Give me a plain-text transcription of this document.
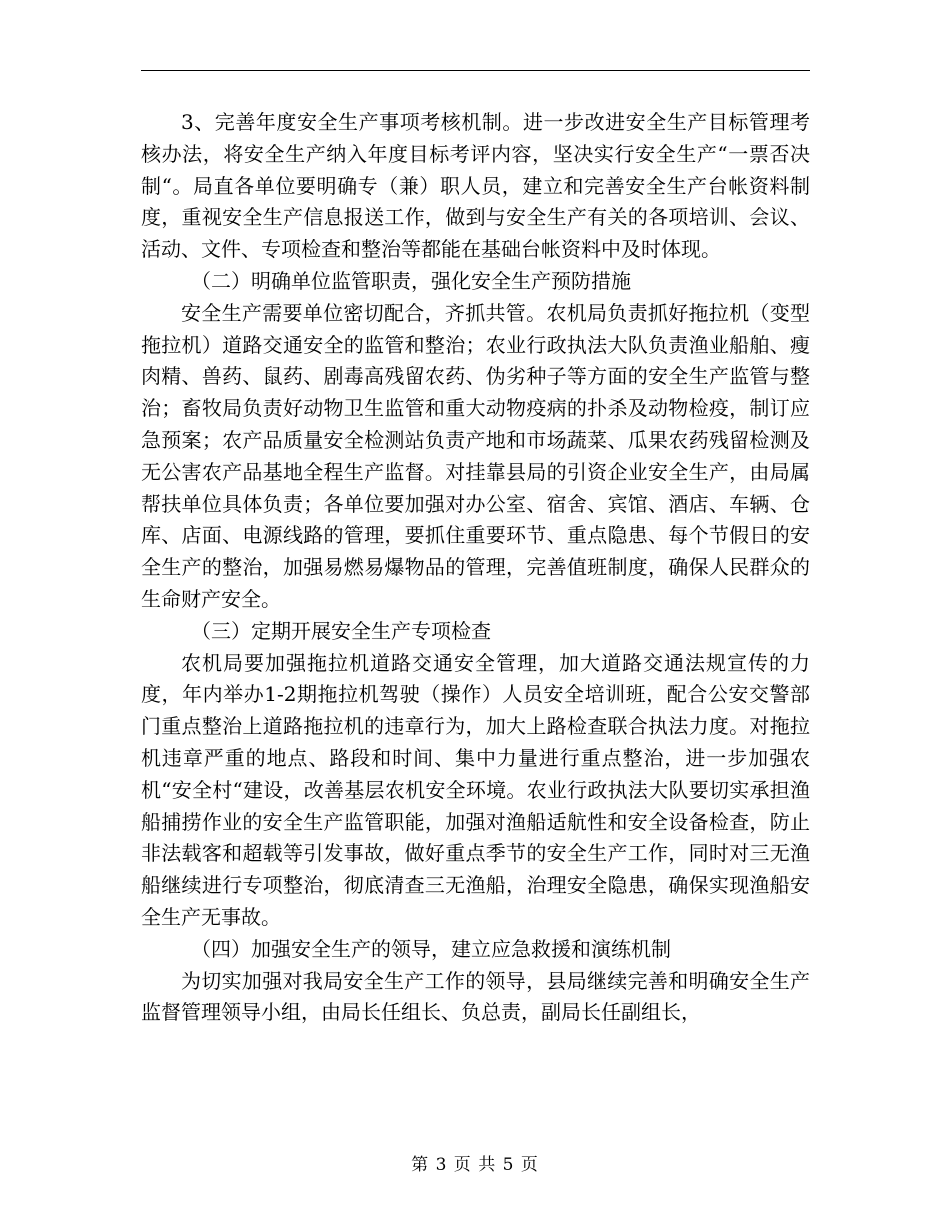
3、完善年度安全生产事项考核机制。进一步改进安全生产目标管理考核办法，将安全生产纳入年度目标考评内容，坚决实行安全生产“一票否决制“。局直各单位要明确专（兼）职人员，建立和完善安全生产台帐资料制度，重视安全生产信息报送工作，做到与安全生产有关的各项培训、会议、活动、文件、专项检查和整治等都能在基础台帐资料中及时体现。

（二）明确单位监管职责，强化安全生产预防措施

安全生产需要单位密切配合，齐抓共管。农机局负责抓好拖拉机（变型拖拉机）道路交通安全的监管和整治；农业行政执法大队负责渔业船舶、瘦肉精、兽药、鼠药、剧毒高残留农药、伪劣种子等方面的安全生产监管与整治；畜牧局负责好动物卫生监管和重大动物疫病的扑杀及动物检疫，制订应急预案；农产品质量安全检测站负责产地和市场蔬菜、瓜果农药残留检测及无公害农产品基地全程生产监督。对挂靠县局的引资企业安全生产，由局属帮扶单位具体负责；各单位要加强对办公室、宿舍、宾馆、酒店、车辆、仓库、店面、电源线路的管理，要抓住重要环节、重点隐患、每个节假日的安全生产的整治，加强易燃易爆物品的管理，完善值班制度，确保人民群众的生命财产安全。

（三）定期开展安全生产专项检查

农机局要加强拖拉机道路交通安全管理，加大道路交通法规宣传的力度，年内举办1-2期拖拉机驾驶（操作）人员安全培训班，配合公安交警部门重点整治上道路拖拉机的违章行为，加大上路检查联合执法力度。对拖拉机违章严重的地点、路段和时间、集中力量进行重点整治，进一步加强农机“安全村“建设，改善基层农机安全环境。农业行政执法大队要切实承担渔船捕捞作业的安全生产监管职能，加强对渔船适航性和安全设备检查，防止非法载客和超载等引发事故，做好重点季节的安全生产工作，同时对三无渔船继续进行专项整治，彻底清查三无渔船，治理安全隐患，确保实现渔船安全生产无事故。

（四）加强安全生产的领导，建立应急救援和演练机制

为切实加强对我局安全生产工作的领导，县局继续完善和明确安全生产监督管理领导小组，由局长任组长、负总责，副局长任副组长，

第 3 页 共 5 页
